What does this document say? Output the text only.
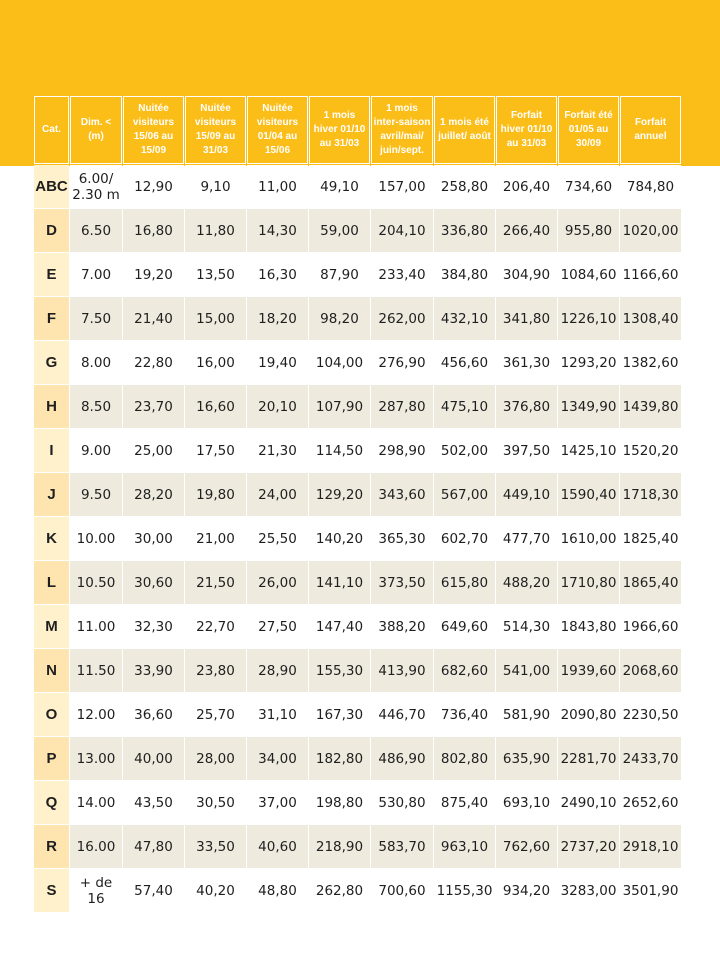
Cat.	Dim. < (m)	Nuitée visiteurs 15/06 au 15/09	Nuitée visiteurs 15/09 au 31/03	Nuitée visiteurs 01/04 au 15/06	1 mois hiver 01/10 au 31/03	1 mois inter-saison avril/mai/ juin/sept.	1 mois été juillet/ août	Forfait hiver 01/10 au 31/03	Forfait été 01/05 au 30/09	Forfait annuel
ABC	6.00/ 2.30 m	12,90	9,10	11,00	49,10	157,00	258,80	206,40	734,60	784,80
D	6.50	16,80	11,80	14,30	59,00	204,10	336,80	266,40	955,80	1020,00
E	7.00	19,20	13,50	16,30	87,90	233,40	384,80	304,90	1084,60	1166,60
F	7.50	21,40	15,00	18,20	98,20	262,00	432,10	341,80	1226,10	1308,40
G	8.00	22,80	16,00	19,40	104,00	276,90	456,60	361,30	1293,20	1382,60
H	8.50	23,70	16,60	20,10	107,90	287,80	475,10	376,80	1349,90	1439,80
I	9.00	25,00	17,50	21,30	114,50	298,90	502,00	397,50	1425,10	1520,20
J	9.50	28,20	19,80	24,00	129,20	343,60	567,00	449,10	1590,40	1718,30
K	10.00	30,00	21,00	25,50	140,20	365,30	602,70	477,70	1610,00	1825,40
L	10.50	30,60	21,50	26,00	141,10	373,50	615,80	488,20	1710,80	1865,40
M	11.00	32,30	22,70	27,50	147,40	388,20	649,60	514,30	1843,80	1966,60
N	11.50	33,90	23,80	28,90	155,30	413,90	682,60	541,00	1939,60	2068,60
O	12.00	36,60	25,70	31,10	167,30	446,70	736,40	581,90	2090,80	2230,50
P	13.00	40,00	28,00	34,00	182,80	486,90	802,80	635,90	2281,70	2433,70
Q	14.00	43,50	30,50	37,00	198,80	530,80	875,40	693,10	2490,10	2652,60
R	16.00	47,80	33,50	40,60	218,90	583,70	963,10	762,60	2737,20	2918,10
S	+ de 16	57,40	40,20	48,80	262,80	700,60	1155,30	934,20	3283,00	3501,90
